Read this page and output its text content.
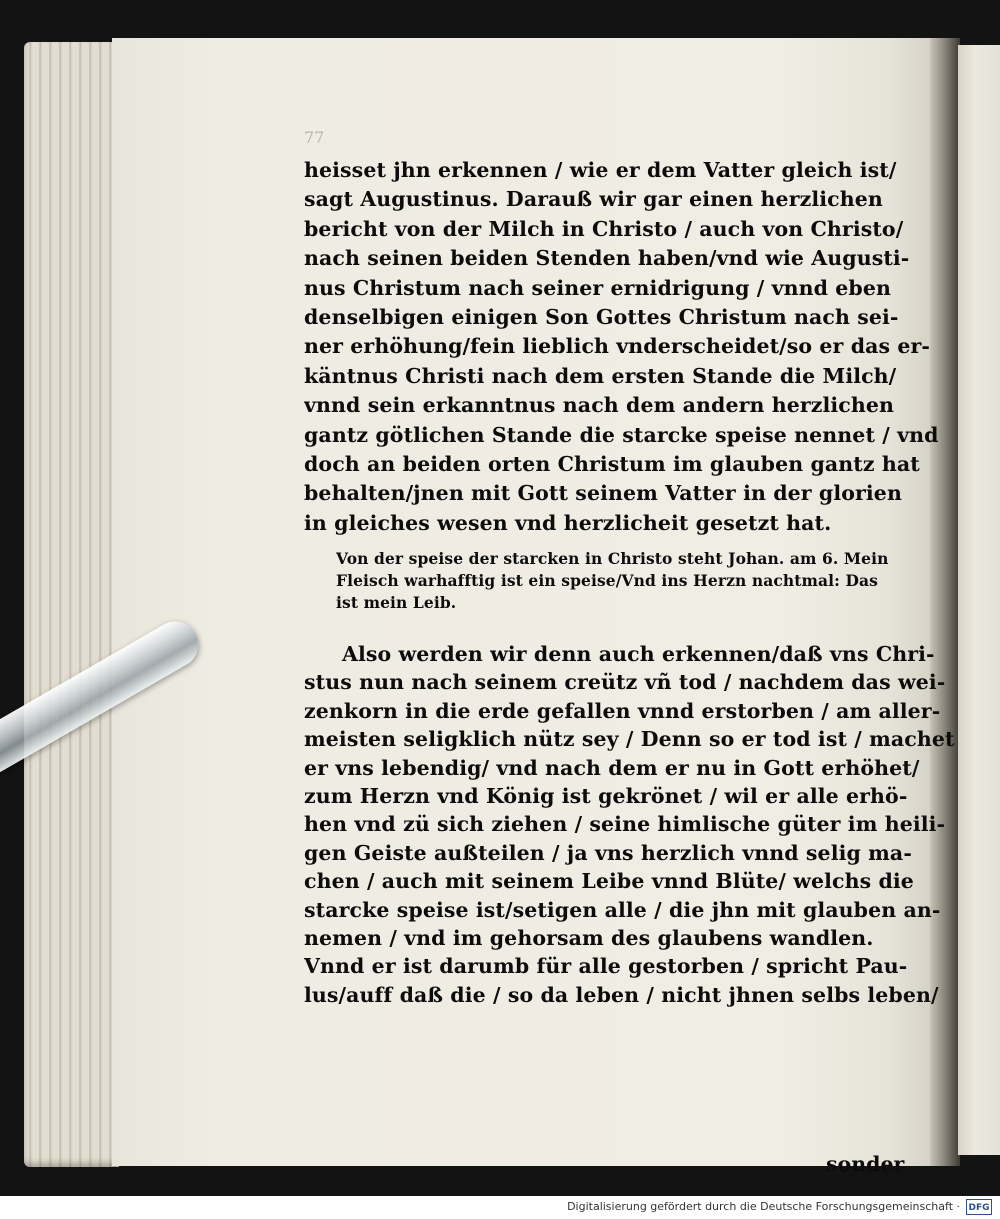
77
heisset jhn erkennen / wie er dem Vatter gleich ist/
sagt Augustinus. Darauß wir gar einen herzlichen
bericht von der Milch in Christo / auch von Christo/
nach seinen beiden Stenden haben/vnd wie Augusti-
nus Christum nach seiner ernidrigung / vnnd eben
denselbigen einigen Son Gottes Christum nach sei-
ner erhöhung/fein lieblich vnderscheidet/so er das er-
käntnus Christi nach dem ersten Stande die Milch/
vnnd sein erkanntnus nach dem andern herzlichen
gantz götlichen Stande die starcke speise nennet / vnd
doch an beiden orten Christum im glauben gantz hat
behalten/jnen mit Gott seinem Vatter in der glorien
in gleiches wesen vnd herzlicheit gesetzt hat.
Von der speise der starcken in Christo steht Johan. am 6. Mein
Fleisch warhafftig ist ein speise/Vnd ins Herzn nachtmal: Das
ist mein Leib.
Also werden wir denn auch erkennen/daß vns Chri-
stus nun nach seinem creütz vñ tod / nachdem das wei-
zenkorn in die erde gefallen vnnd erstorben / am aller-
meisten seligklich nütz sey / Denn so er tod ist / machet
er vns lebendig/ vnd nach dem er nu in Gott erhöhet/
zum Herzn vnd König ist gekrönet / wil er alle erhö-
hen vnd zü sich ziehen / seine himlische güter im heili-
gen Geiste außteilen / ja vns herzlich vnnd selig ma-
chen / auch mit seinem Leibe vnnd Blüte/ welchs die
starcke speise ist/setigen alle / die jhn mit glauben an-
nemen / vnd im gehorsam des glaubens wandlen.
Vnnd er ist darumb für alle gestorben / spricht Pau-
lus/auff daß die / so da leben / nicht jhnen selbs leben/
sonder
Digitalisierung gefördert durch die Deutsche Forschungsgemeinschaft · DFG
